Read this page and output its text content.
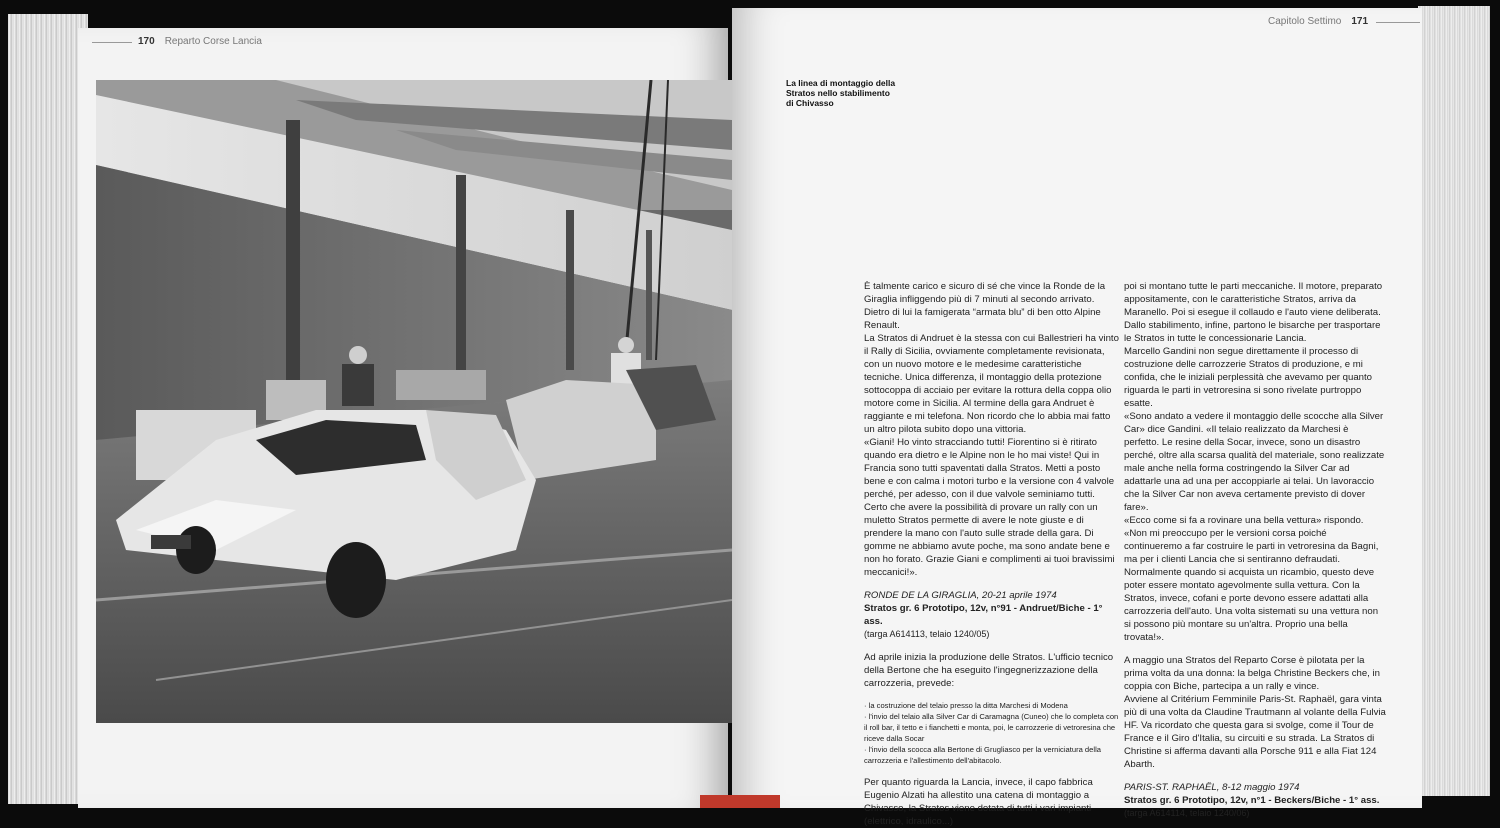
170 Reparto Corse Lancia
Capitolo Settimo 171
La linea di montaggio della Stratos nello stabilimento di Chivasso

È talmente carico e sicuro di sé che vince la Ronde de la Giraglia infliggendo più di 7 minuti al secondo arrivato. Dietro di lui la famigerata “armata blu” di ben otto Alpine Renault.

La Stratos di Andruet è la stessa con cui Ballestrieri ha vinto il Rally di Sicilia, ovviamente completamente revisionata, con un nuovo motore e le medesime caratteristiche tecniche. Unica differenza, il montaggio della protezione sottocoppa di acciaio per evitare la rottura della coppa olio motore come in Sicilia. Al termine della gara Andruet è raggiante e mi telefona. Non ricordo che lo abbia mai fatto un altro pilota subito dopo una vittoria.

«Giani! Ho vinto stracciando tutti! Fiorentino si è ritirato quando era dietro e le Alpine non le ho mai viste! Qui in Francia sono tutti spaventati dalla Stratos. Metti a posto bene e con calma i motori turbo e la versione con 4 valvole perché, per adesso, con il due valvole seminiamo tutti. Certo che avere la possibilità di provare un rally con un muletto Stratos permette di avere le note giuste e di prendere la mano con l'auto sulle strade della gara. Di gomme ne abbiamo avute poche, ma sono andate bene e non ho forato. Grazie Giani e complimenti ai tuoi bravissimi meccanici!».

RONDE DE LA GIRAGLIA, 20-21 aprile 1974

Stratos gr. 6 Prototipo, 12v, n°91 - Andruet/Biche - 1° ass.

(targa A614113, telaio 1240/05)

Ad aprile inizia la produzione delle Stratos. L'ufficio tecnico della Bertone che ha eseguito l'ingegnerizzazione della carrozzeria, prevede:

· la costruzione del telaio presso la ditta Marchesi di Modena

· l'invio del telaio alla Silver Car di Caramagna (Cuneo) che lo completa con il roll bar, il tetto e i fianchetti e monta, poi, le carrozzerie di vetroresina che riceve dalla Socar

· l'invio della scocca alla Bertone di Grugliasco per la verniciatura della carrozzeria e l'allestimento dell'abitacolo.

Per quanto riguarda la Lancia, invece, il capo fabbrica Eugenio Alzati ha allestito una catena di montaggio a Chivasso, la Stratos viene dotata di tutti i vari impianti (elettrico, idraulico...)

poi si montano tutte le parti meccaniche. Il motore, preparato appositamente, con le caratteristiche Stratos, arriva da Maranello. Poi si esegue il collaudo e l'auto viene deliberata. Dallo stabilimento, infine, partono le bisarche per trasportare le Stratos in tutte le concessionarie Lancia.

Marcello Gandini non segue direttamente il processo di costruzione delle carrozzerie Stratos di produzione, e mi confida, che le iniziali perplessità che avevamo per quanto riguarda le parti in vetroresina si sono rivelate purtroppo esatte.

«Sono andato a vedere il montaggio delle scocche alla Silver Car» dice Gandini. «Il telaio realizzato da Marchesi è perfetto. Le resine della Socar, invece, sono un disastro perché, oltre alla scarsa qualità del materiale, sono realizzate male anche nella forma costringendo la Silver Car ad adattarle una ad una per accoppiarle ai telai. Un lavoraccio che la Silver Car non aveva certamente previsto di dover fare».

«Ecco come si fa a rovinare una bella vettura» rispondo. «Non mi preoccupo per le versioni corsa poiché continueremo a far costruire le parti in vetroresina da Bagni, ma per i clienti Lancia che si sentiranno defraudati. Normalmente quando si acquista un ricambio, questo deve poter essere montato agevolmente sulla vettura. Con la Stratos, invece, cofani e porte devono essere adattati alla carrozzeria dell'auto. Una volta sistemati su una vettura non si possono più montare su un'altra. Proprio una bella trovata!».

A maggio una Stratos del Reparto Corse è pilotata per la prima volta da una donna: la belga Christine Beckers che, in coppia con Biche, partecipa a un rally e vince.

Avviene al Critérium Femminile Paris-St. Raphaël, gara vinta più di una volta da Claudine Trautmann al volante della Fulvia HF. Va ricordato che questa gara si svolge, come il Tour de France e il Giro d'Italia, su circuiti e su strada. La Stratos di Christine si afferma davanti alla Porsche 911 e alla Fiat 124 Abarth.

PARIS-ST. RAPHAËL, 8-12 maggio 1974

Stratos gr. 6 Prototipo, 12v, n°1 - Beckers/Biche - 1° ass.

(targa A614114, telaio 1240/06)
